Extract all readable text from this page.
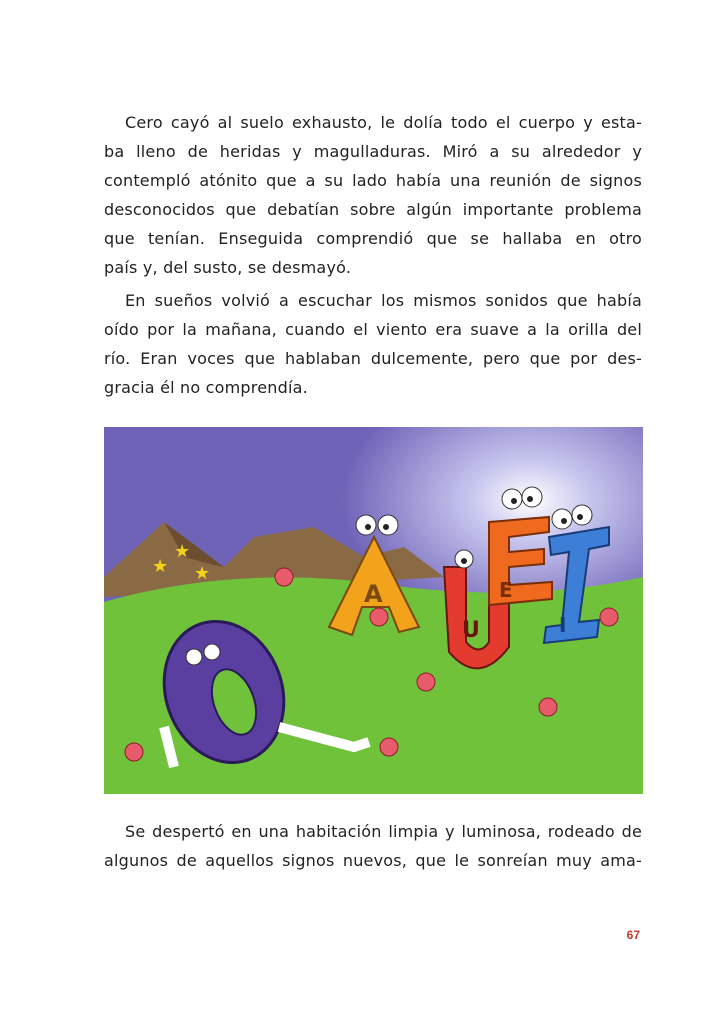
Cero cayó al suelo exhausto, le dolía todo el cuerpo y esta-
ba lleno de heridas y magulladuras. Miró a su alrededor y
contempló atónito que a su lado había una reunión de signos
desconocidos que debatían sobre algún importante problema
que tenían. Enseguida comprendió que se hallaba en otro
país y, del susto, se desmayó.
En sueños volvió a escuchar los mismos sonidos que había
oído por la mañana, cuando el viento era suave a la orilla del
río. Eran voces que hablaban dulcemente, pero que por des-
gracia él no comprendía.
A
U
E
I
★
★
★
Se despertó en una habitación limpia y luminosa, rodeado de
algunos de aquellos signos nuevos, que le sonreían muy ama-
67
